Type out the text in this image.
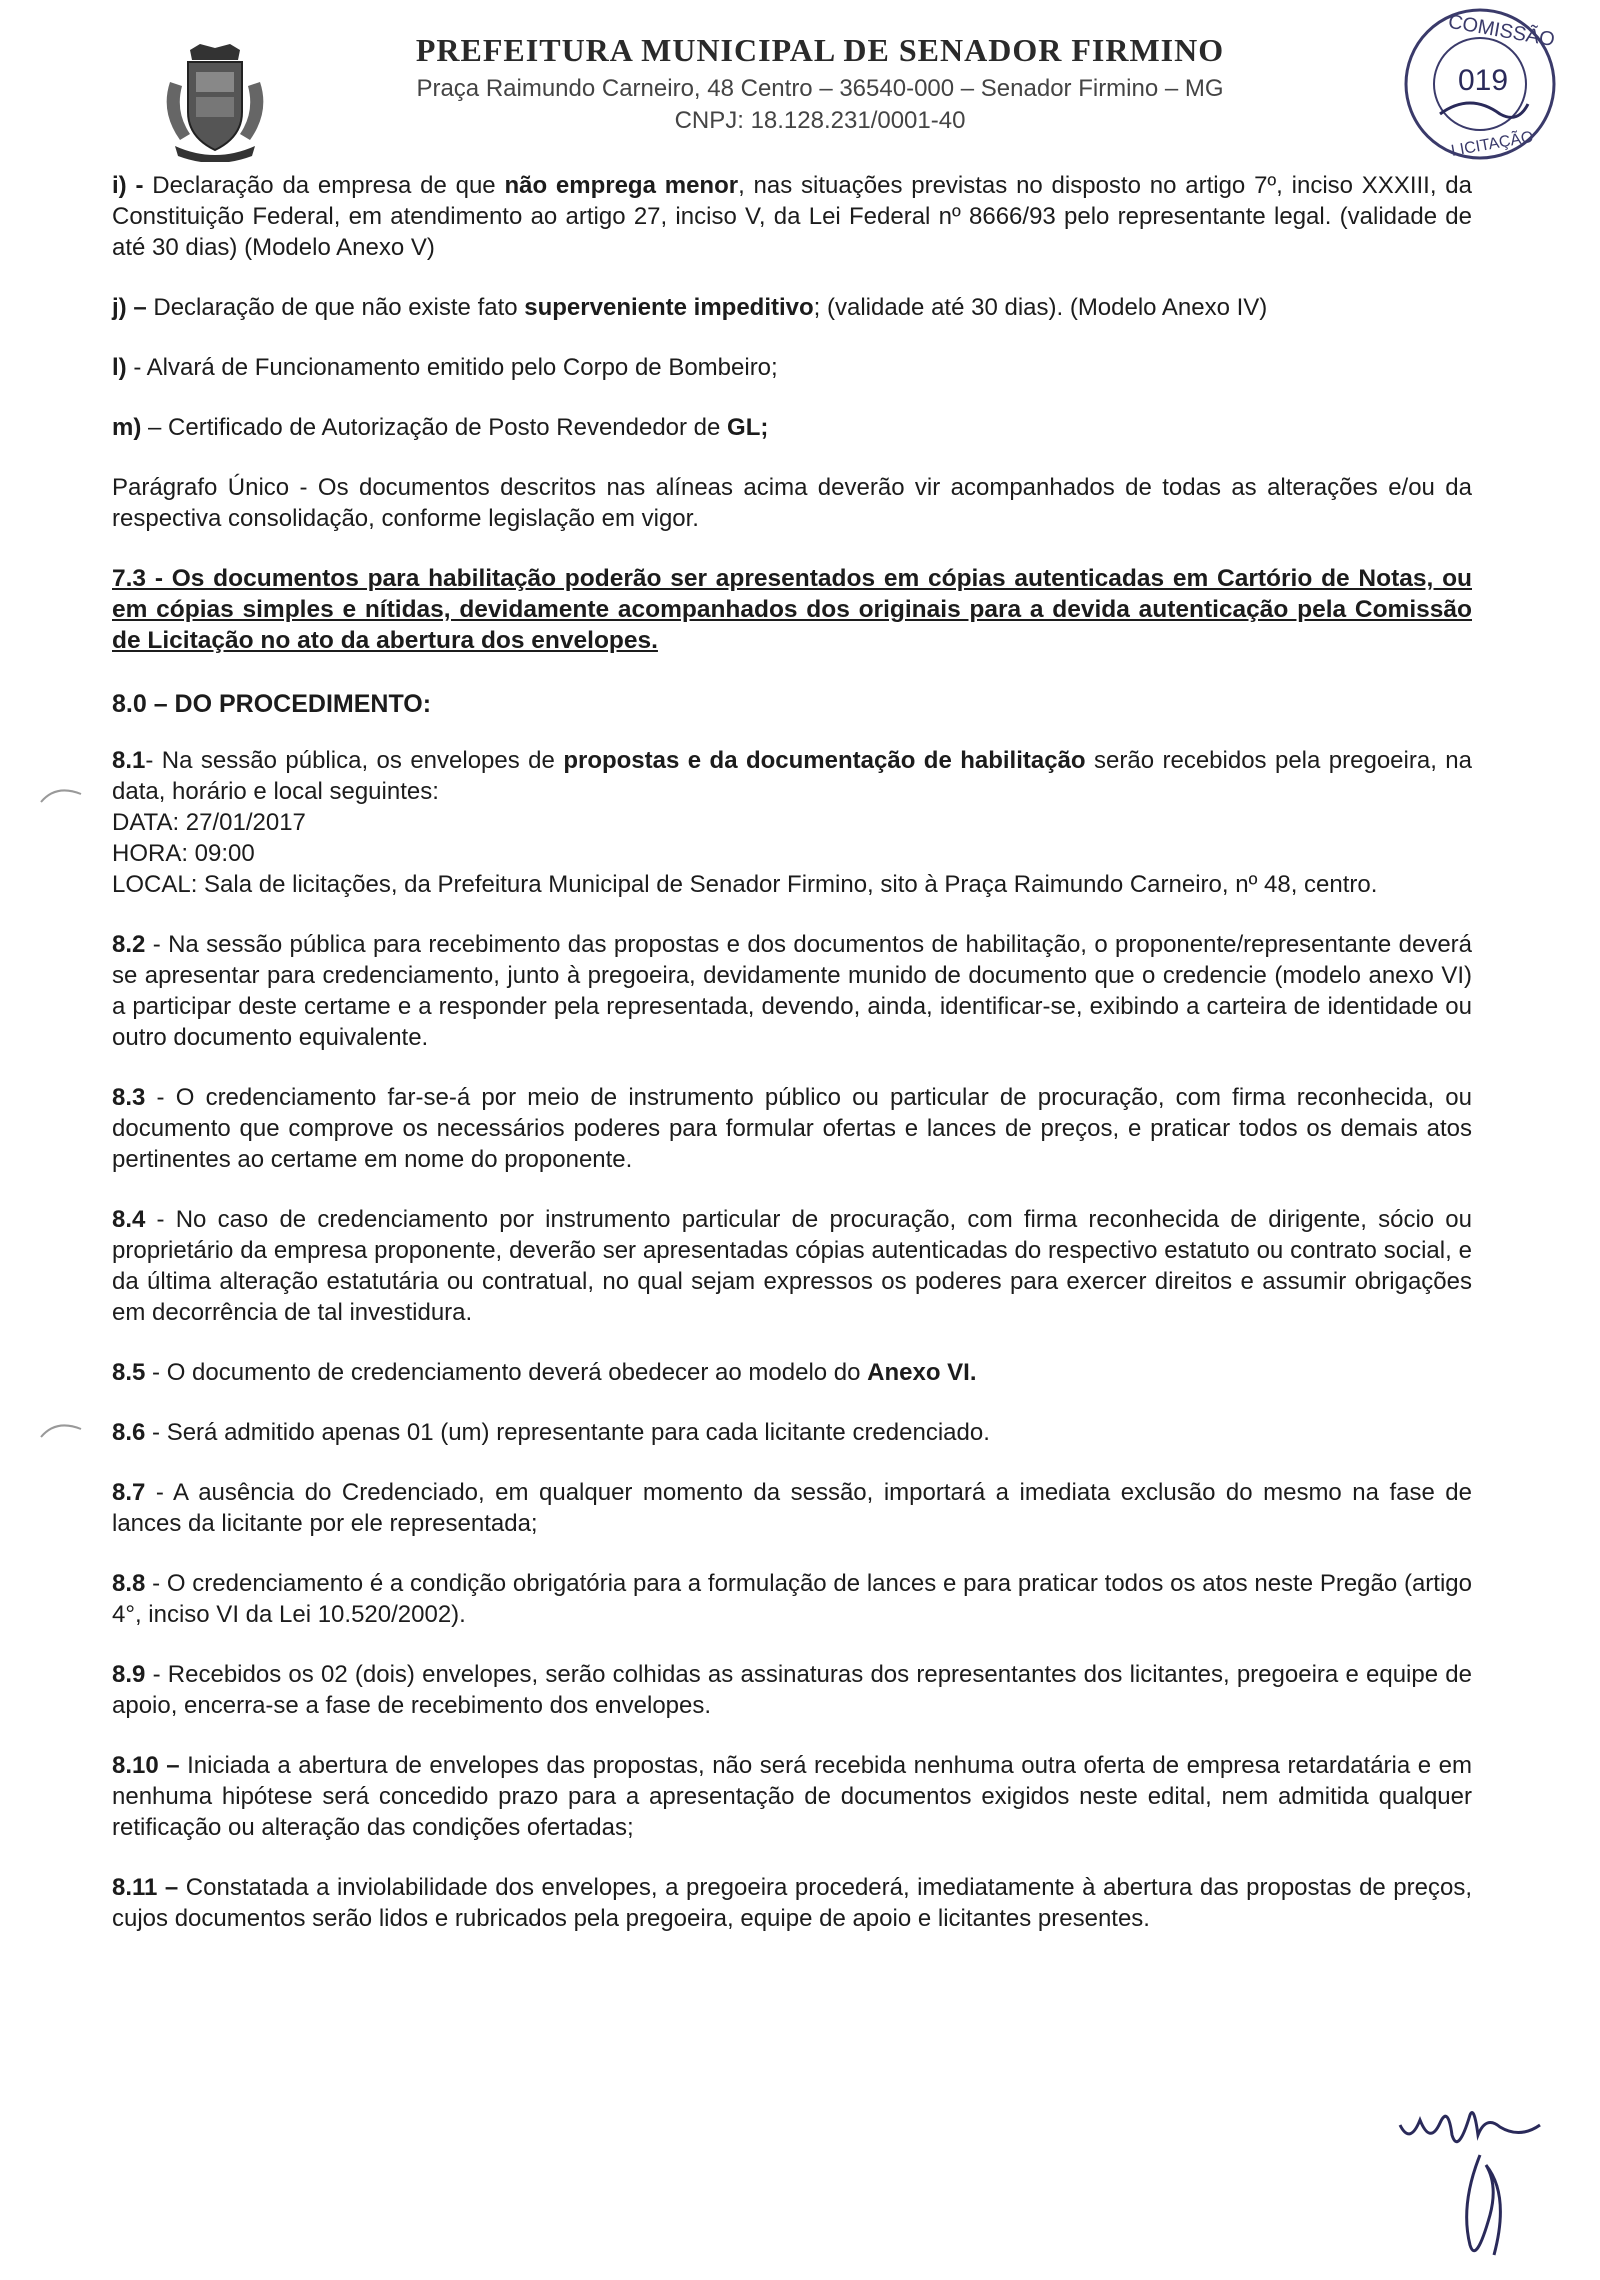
PREFEITURA MUNICIPAL DE SENADOR FIRMINO
Praça Raimundo Carneiro, 48 Centro – 36540-000 – Senador Firmino – MG
CNPJ: 18.128.231/0001-40
COMISSÃO
LICITAÇÃO
019

i) - Declaração da empresa de que não emprega menor, nas situações previstas no disposto no artigo 7º, inciso XXXIII, da Constituição Federal, em atendimento ao artigo 27, inciso V, da Lei Federal nº 8666/93 pelo representante legal. (validade de até 30 dias) (Modelo Anexo V)

j) – Declaração de que não existe fato superveniente impeditivo; (validade até 30 dias). (Modelo Anexo IV)

l) - Alvará de Funcionamento emitido pelo Corpo de Bombeiro;

m) – Certificado de Autorização de Posto Revendedor de GL;

Parágrafo Único - Os documentos descritos nas alíneas acima deverão vir acompanhados de todas as alterações e/ou da respectiva consolidação, conforme legislação em vigor.

7.3 - Os documentos para habilitação poderão ser apresentados em cópias autenticadas em Cartório de Notas, ou em cópias simples e nítidas, devidamente acompanhados dos originais para a devida autenticação pela Comissão de Licitação no ato da abertura dos envelopes.

8.0 – DO PROCEDIMENTO:

8.1- Na sessão pública, os envelopes de propostas e da documentação de habilitação serão recebidos pela pregoeira, na data, horário e local seguintes:
DATA: 27/01/2017
HORA: 09:00
LOCAL: Sala de licitações, da Prefeitura Municipal de Senador Firmino, sito à Praça Raimundo Carneiro, nº 48, centro.

8.2 - Na sessão pública para recebimento das propostas e dos documentos de habilitação, o proponente/representante deverá se apresentar para credenciamento, junto à pregoeira, devidamente munido de documento que o credencie (modelo anexo VI) a participar deste certame e a responder pela representada, devendo, ainda, identificar-se, exibindo a carteira de identidade ou outro documento equivalente.

8.3 - O credenciamento far-se-á por meio de instrumento público ou particular de procuração, com firma reconhecida, ou documento que comprove os necessários poderes para formular ofertas e lances de preços, e praticar todos os demais atos pertinentes ao certame em nome do proponente.

8.4 - No caso de credenciamento por instrumento particular de procuração, com firma reconhecida de dirigente, sócio ou proprietário da empresa proponente, deverão ser apresentadas cópias autenticadas do respectivo estatuto ou contrato social, e da última alteração estatutária ou contratual, no qual sejam expressos os poderes para exercer direitos e assumir obrigações em decorrência de tal investidura.

8.5 - O documento de credenciamento deverá obedecer ao modelo do Anexo VI.

8.6 - Será admitido apenas 01 (um) representante para cada licitante credenciado.

8.7 - A ausência do Credenciado, em qualquer momento da sessão, importará a imediata exclusão do mesmo na fase de lances da licitante por ele representada;

8.8 - O credenciamento é a condição obrigatória para a formulação de lances e para praticar todos os atos neste Pregão (artigo 4°, inciso VI da Lei 10.520/2002).

8.9 - Recebidos os 02 (dois) envelopes, serão colhidas as assinaturas dos representantes dos licitantes, pregoeira e equipe de apoio, encerra-se a fase de recebimento dos envelopes.

8.10 – Iniciada a abertura de envelopes das propostas, não será recebida nenhuma outra oferta de empresa retardatária e em nenhuma hipótese será concedido prazo para a apresentação de documentos exigidos neste edital, nem admitida qualquer retificação ou alteração das condições ofertadas;

8.11 – Constatada a inviolabilidade dos envelopes, a pregoeira procederá, imediatamente à abertura das propostas de preços, cujos documentos serão lidos e rubricados pela pregoeira, equipe de apoio e licitantes presentes.
